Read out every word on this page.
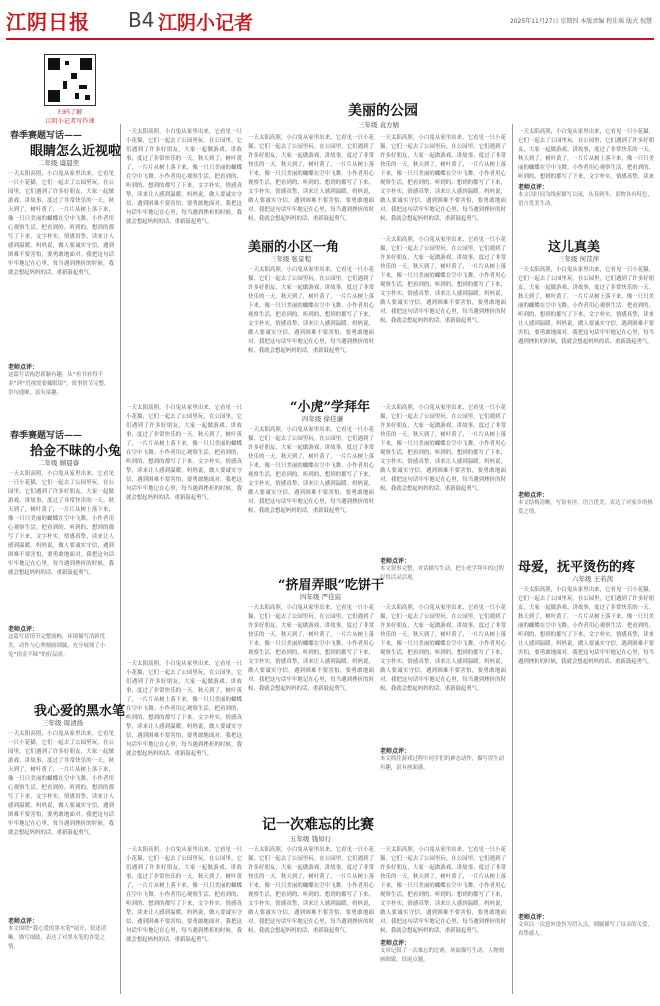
江阴日报 B4 江阴小记者	2025年11月27日 星期四 本版责编 程佳瑶 版式 倪慧
扫码了解
江阴小记者写作课
春季赛题写话——
眼睛怎么近视啦
二年级 虞晨奕
一天太阳高照，小白兔从家里出来，它看见一只小花猫，它们一起去了公园里玩。在公园里，它们遇到了许多好朋友，大家一起做游戏、讲故事，度过了非常快乐的一天。秋天到了，树叶黄了，一片片从树上落下来，像一只只美丽的蝴蝶在空中飞舞。小作者用心观察生活，把看到的、听到的、想到的都写了下来，文字朴实，情感真挚，读来让人感到温暖。妈妈说，做人要诚实守信，遇到困难不要害怕，要勇敢地面对。我把这句话牢牢地记在心里，每当遇到挫折的时候，我就会想起妈妈的话，重新鼓起勇气。
老师点评：
这篇写话构思新颖有趣，从“看书看得不多”到“近视需要戴眼镜”，故事情节完整，语句通顺，富有童趣。
春季赛题写话——
拾金不昧的小兔
二年级 顾晨睿
一天太阳高照，小白兔从家里出来，它看见一只小花猫，它们一起去了公园里玩。在公园里，它们遇到了许多好朋友，大家一起做游戏、讲故事，度过了非常快乐的一天。秋天到了，树叶黄了，一片片从树上落下来，像一只只美丽的蝴蝶在空中飞舞。小作者用心观察生活，把看到的、听到的、想到的都写了下来，文字朴实，情感真挚，读来让人感到温暖。妈妈说，做人要诚实守信，遇到困难不要害怕，要勇敢地面对。我把这句话牢牢地记在心里，每当遇到挫折的时候，我就会想起妈妈的话，重新鼓起勇气。
老师点评：
这篇写话情节完整流畅，环境描写清新优美，动作与心理刻画细腻，充分展现了小兔“拾金不昧”的好品质。
我心爱的黑水笔
三年级 周清扬
一天太阳高照，小白兔从家里出来，它看见一只小花猫，它们一起去了公园里玩。在公园里，它们遇到了许多好朋友，大家一起做游戏、讲故事，度过了非常快乐的一天。秋天到了，树叶黄了，一片片从树上落下来，像一只只美丽的蝴蝶在空中飞舞。小作者用心观察生活，把看到的、听到的、想到的都写了下来，文字朴实，情感真挚，读来让人感到温暖。妈妈说，做人要诚实守信，遇到困难不要害怕，要勇敢地面对。我把这句话牢牢地记在心里，每当遇到挫折的时候，我就会想起妈妈的话，重新鼓起勇气。
老师点评：
本文围绕“我心爱的黑水笔”展开，叙述清晰，描写细致，表达了对黑水笔的喜爱之情。
一天太阳高照，小白兔从家里出来，它看见一只小花猫，它们一起去了公园里玩。在公园里，它们遇到了许多好朋友，大家一起做游戏、讲故事，度过了非常快乐的一天。秋天到了，树叶黄了，一片片从树上落下来，像一只只美丽的蝴蝶在空中飞舞。小作者用心观察生活，把看到的、听到的、想到的都写了下来，文字朴实，情感真挚，读来让人感到温暖。妈妈说，做人要诚实守信，遇到困难不要害怕，要勇敢地面对。我把这句话牢牢地记在心里，每当遇到挫折的时候，我就会想起妈妈的话，重新鼓起勇气。
美丽的公园
三年级 袁方婧
一天太阳高照，小白兔从家里出来，它看见一只小花猫，它们一起去了公园里玩。在公园里，它们遇到了许多好朋友，大家一起做游戏、讲故事，度过了非常快乐的一天。秋天到了，树叶黄了，一片片从树上落下来，像一只只美丽的蝴蝶在空中飞舞。小作者用心观察生活，把看到的、听到的、想到的都写了下来，文字朴实，情感真挚，读来让人感到温暖。妈妈说，做人要诚实守信，遇到困难不要害怕，要勇敢地面对。我把这句话牢牢地记在心里，每当遇到挫折的时候，我就会想起妈妈的话，重新鼓起勇气。
一天太阳高照，小白兔从家里出来，它看见一只小花猫，它们一起去了公园里玩。在公园里，它们遇到了许多好朋友，大家一起做游戏、讲故事，度过了非常快乐的一天。秋天到了，树叶黄了，一片片从树上落下来，像一只只美丽的蝴蝶在空中飞舞。小作者用心观察生活，把看到的、听到的、想到的都写了下来，文字朴实，情感真挚，读来让人感到温暖。妈妈说，做人要诚实守信，遇到困难不要害怕，要勇敢地面对。我把这句话牢牢地记在心里，每当遇到挫折的时候，我就会想起妈妈的话，重新鼓起勇气。
美丽的小区一角
三年级 张景程
一天太阳高照，小白兔从家里出来，它看见一只小花猫，它们一起去了公园里玩。在公园里，它们遇到了许多好朋友，大家一起做游戏、讲故事，度过了非常快乐的一天。秋天到了，树叶黄了，一片片从树上落下来，像一只只美丽的蝴蝶在空中飞舞。小作者用心观察生活，把看到的、听到的、想到的都写了下来，文字朴实，情感真挚，读来让人感到温暖。妈妈说，做人要诚实守信，遇到困难不要害怕，要勇敢地面对。我把这句话牢牢地记在心里，每当遇到挫折的时候，我就会想起妈妈的话，重新鼓起勇气。
一天太阳高照，小白兔从家里出来，它看见一只小花猫，它们一起去了公园里玩。在公园里，它们遇到了许多好朋友，大家一起做游戏、讲故事，度过了非常快乐的一天。秋天到了，树叶黄了，一片片从树上落下来，像一只只美丽的蝴蝶在空中飞舞。小作者用心观察生活，把看到的、听到的、想到的都写了下来，文字朴实，情感真挚，读来让人感到温暖。妈妈说，做人要诚实守信，遇到困难不要害怕，要勇敢地面对。我把这句话牢牢地记在心里，每当遇到挫折的时候，我就会想起妈妈的话，重新鼓起勇气。
一天太阳高照，小白兔从家里出来，它看见一只小花猫，它们一起去了公园里玩。在公园里，它们遇到了许多好朋友，大家一起做游戏、讲故事，度过了非常快乐的一天。秋天到了，树叶黄了，一片片从树上落下来，像一只只美丽的蝴蝶在空中飞舞。小作者用心观察生活，把看到的、听到的、想到的都写了下来，文字朴实，情感真挚，读来让人感到温暖。妈妈说，做人要诚实守信，遇到困难不要害怕，要勇敢地面对。我把这句话牢牢地记在心里，每当遇到挫折的时候，我就会想起妈妈的话，重新鼓起勇气。
“小虎”学拜年
四年级 徐佳谦
一天太阳高照，小白兔从家里出来，它看见一只小花猫，它们一起去了公园里玩。在公园里，它们遇到了许多好朋友，大家一起做游戏、讲故事，度过了非常快乐的一天。秋天到了，树叶黄了，一片片从树上落下来，像一只只美丽的蝴蝶在空中飞舞。小作者用心观察生活，把看到的、听到的、想到的都写了下来，文字朴实，情感真挚，读来让人感到温暖。妈妈说，做人要诚实守信，遇到困难不要害怕，要勇敢地面对。我把这句话牢牢地记在心里，每当遇到挫折的时候，我就会想起妈妈的话，重新鼓起勇气。
一天太阳高照，小白兔从家里出来，它看见一只小花猫，它们一起去了公园里玩。在公园里，它们遇到了许多好朋友，大家一起做游戏、讲故事，度过了非常快乐的一天。秋天到了，树叶黄了，一片片从树上落下来，像一只只美丽的蝴蝶在空中飞舞。小作者用心观察生活，把看到的、听到的、想到的都写了下来，文字朴实，情感真挚，读来让人感到温暖。妈妈说，做人要诚实守信，遇到困难不要害怕，要勇敢地面对。我把这句话牢牢地记在心里，每当遇到挫折的时候，我就会想起妈妈的话，重新鼓起勇气。
老师点评：
本文叙事完整，对话描写生动，把小虎学拜年的过程写得活灵活现。
“挤眉弄眼”吃饼干
四年级 严佳宸
一天太阳高照，小白兔从家里出来，它看见一只小花猫，它们一起去了公园里玩。在公园里，它们遇到了许多好朋友，大家一起做游戏、讲故事，度过了非常快乐的一天。秋天到了，树叶黄了，一片片从树上落下来，像一只只美丽的蝴蝶在空中飞舞。小作者用心观察生活，把看到的、听到的、想到的都写了下来，文字朴实，情感真挚，读来让人感到温暖。妈妈说，做人要诚实守信，遇到困难不要害怕，要勇敢地面对。我把这句话牢牢地记在心里，每当遇到挫折的时候，我就会想起妈妈的话，重新鼓起勇气。
一天太阳高照，小白兔从家里出来，它看见一只小花猫，它们一起去了公园里玩。在公园里，它们遇到了许多好朋友，大家一起做游戏、讲故事，度过了非常快乐的一天。秋天到了，树叶黄了，一片片从树上落下来，像一只只美丽的蝴蝶在空中飞舞。小作者用心观察生活，把看到的、听到的、想到的都写了下来，文字朴实，情感真挚，读来让人感到温暖。妈妈说，做人要诚实守信，遇到困难不要害怕，要勇敢地面对。我把这句话牢牢地记在心里，每当遇到挫折的时候，我就会想起妈妈的话，重新鼓起勇气。
一天太阳高照，小白兔从家里出来，它看见一只小花猫，它们一起去了公园里玩。在公园里，它们遇到了许多好朋友，大家一起做游戏、讲故事，度过了非常快乐的一天。秋天到了，树叶黄了，一片片从树上落下来，像一只只美丽的蝴蝶在空中飞舞。小作者用心观察生活，把看到的、听到的、想到的都写了下来，文字朴实，情感真挚，读来让人感到温暖。妈妈说，做人要诚实守信，遇到困难不要害怕，要勇敢地面对。我把这句话牢牢地记在心里，每当遇到挫折的时候，我就会想起妈妈的话，重新鼓起勇气。
老师点评：
本文抓住游戏过程中同学们的神态动作，描写得生动有趣，富有画面感。
记一次难忘的比赛
五年级 钱知行
一天太阳高照，小白兔从家里出来，它看见一只小花猫，它们一起去了公园里玩。在公园里，它们遇到了许多好朋友，大家一起做游戏、讲故事，度过了非常快乐的一天。秋天到了，树叶黄了，一片片从树上落下来，像一只只美丽的蝴蝶在空中飞舞。小作者用心观察生活，把看到的、听到的、想到的都写了下来，文字朴实，情感真挚，读来让人感到温暖。妈妈说，做人要诚实守信，遇到困难不要害怕，要勇敢地面对。我把这句话牢牢地记在心里，每当遇到挫折的时候，我就会想起妈妈的话，重新鼓起勇气。
一天太阳高照，小白兔从家里出来，它看见一只小花猫，它们一起去了公园里玩。在公园里，它们遇到了许多好朋友，大家一起做游戏、讲故事，度过了非常快乐的一天。秋天到了，树叶黄了，一片片从树上落下来，像一只只美丽的蝴蝶在空中飞舞。小作者用心观察生活，把看到的、听到的、想到的都写了下来，文字朴实，情感真挚，读来让人感到温暖。妈妈说，做人要诚实守信，遇到困难不要害怕，要勇敢地面对。我把这句话牢牢地记在心里，每当遇到挫折的时候，我就会想起妈妈的话，重新鼓起勇气。
一天太阳高照，小白兔从家里出来，它看见一只小花猫，它们一起去了公园里玩。在公园里，它们遇到了许多好朋友，大家一起做游戏、讲故事，度过了非常快乐的一天。秋天到了，树叶黄了，一片片从树上落下来，像一只只美丽的蝴蝶在空中飞舞。小作者用心观察生活，把看到的、听到的、想到的都写了下来，文字朴实，情感真挚，读来让人感到温暖。妈妈说，做人要诚实守信，遇到困难不要害怕，要勇敢地面对。我把这句话牢牢地记在心里，每当遇到挫折的时候，我就会想起妈妈的话，重新鼓起勇气。
老师点评：
文章记叙了一次难忘的比赛，场面描写生动，人物刻画细致，结尾点题。
一天太阳高照，小白兔从家里出来，它看见一只小花猫，它们一起去了公园里玩。在公园里，它们遇到了许多好朋友，大家一起做游戏、讲故事，度过了非常快乐的一天。秋天到了，树叶黄了，一片片从树上落下来，像一只只美丽的蝴蝶在空中飞舞。小作者用心观察生活，把看到的、听到的、想到的都写了下来，文字朴实，情感真挚，读来
老师点评：
本文以时间为线索描写公园，从春到冬，景物各有特色，语言优美生动。
这儿真美
三年级 何苡萍
一天太阳高照，小白兔从家里出来，它看见一只小花猫，它们一起去了公园里玩。在公园里，它们遇到了许多好朋友，大家一起做游戏、讲故事，度过了非常快乐的一天。秋天到了，树叶黄了，一片片从树上落下来，像一只只美丽的蝴蝶在空中飞舞。小作者用心观察生活，把看到的、听到的、想到的都写了下来，文字朴实，情感真挚，读来让人感到温暖。妈妈说，做人要诚实守信，遇到困难不要害怕，要勇敢地面对。我把这句话牢牢地记在心里，每当遇到挫折的时候，我就会想起妈妈的话，重新鼓起勇气。
老师点评：
本文结构清晰，写景有序，语言优美，表达了对家乡的热爱之情。
母爱，抚平烫伤的疼
六年级 王若茜
一天太阳高照，小白兔从家里出来，它看见一只小花猫，它们一起去了公园里玩。在公园里，它们遇到了许多好朋友，大家一起做游戏、讲故事，度过了非常快乐的一天。秋天到了，树叶黄了，一片片从树上落下来，像一只只美丽的蝴蝶在空中飞舞。小作者用心观察生活，把看到的、听到的、想到的都写了下来，文字朴实，情感真挚，读来让人感到温暖。妈妈说，做人要诚实守信，遇到困难不要害怕，要勇敢地面对。我把这句话牢牢地记在心里，每当遇到挫折的时候，我就会想起妈妈的话，重新鼓起勇气。
老师点评：
文章以一次意外烫伤为切入点，细腻描写了母亲的关爱，真挚感人。
